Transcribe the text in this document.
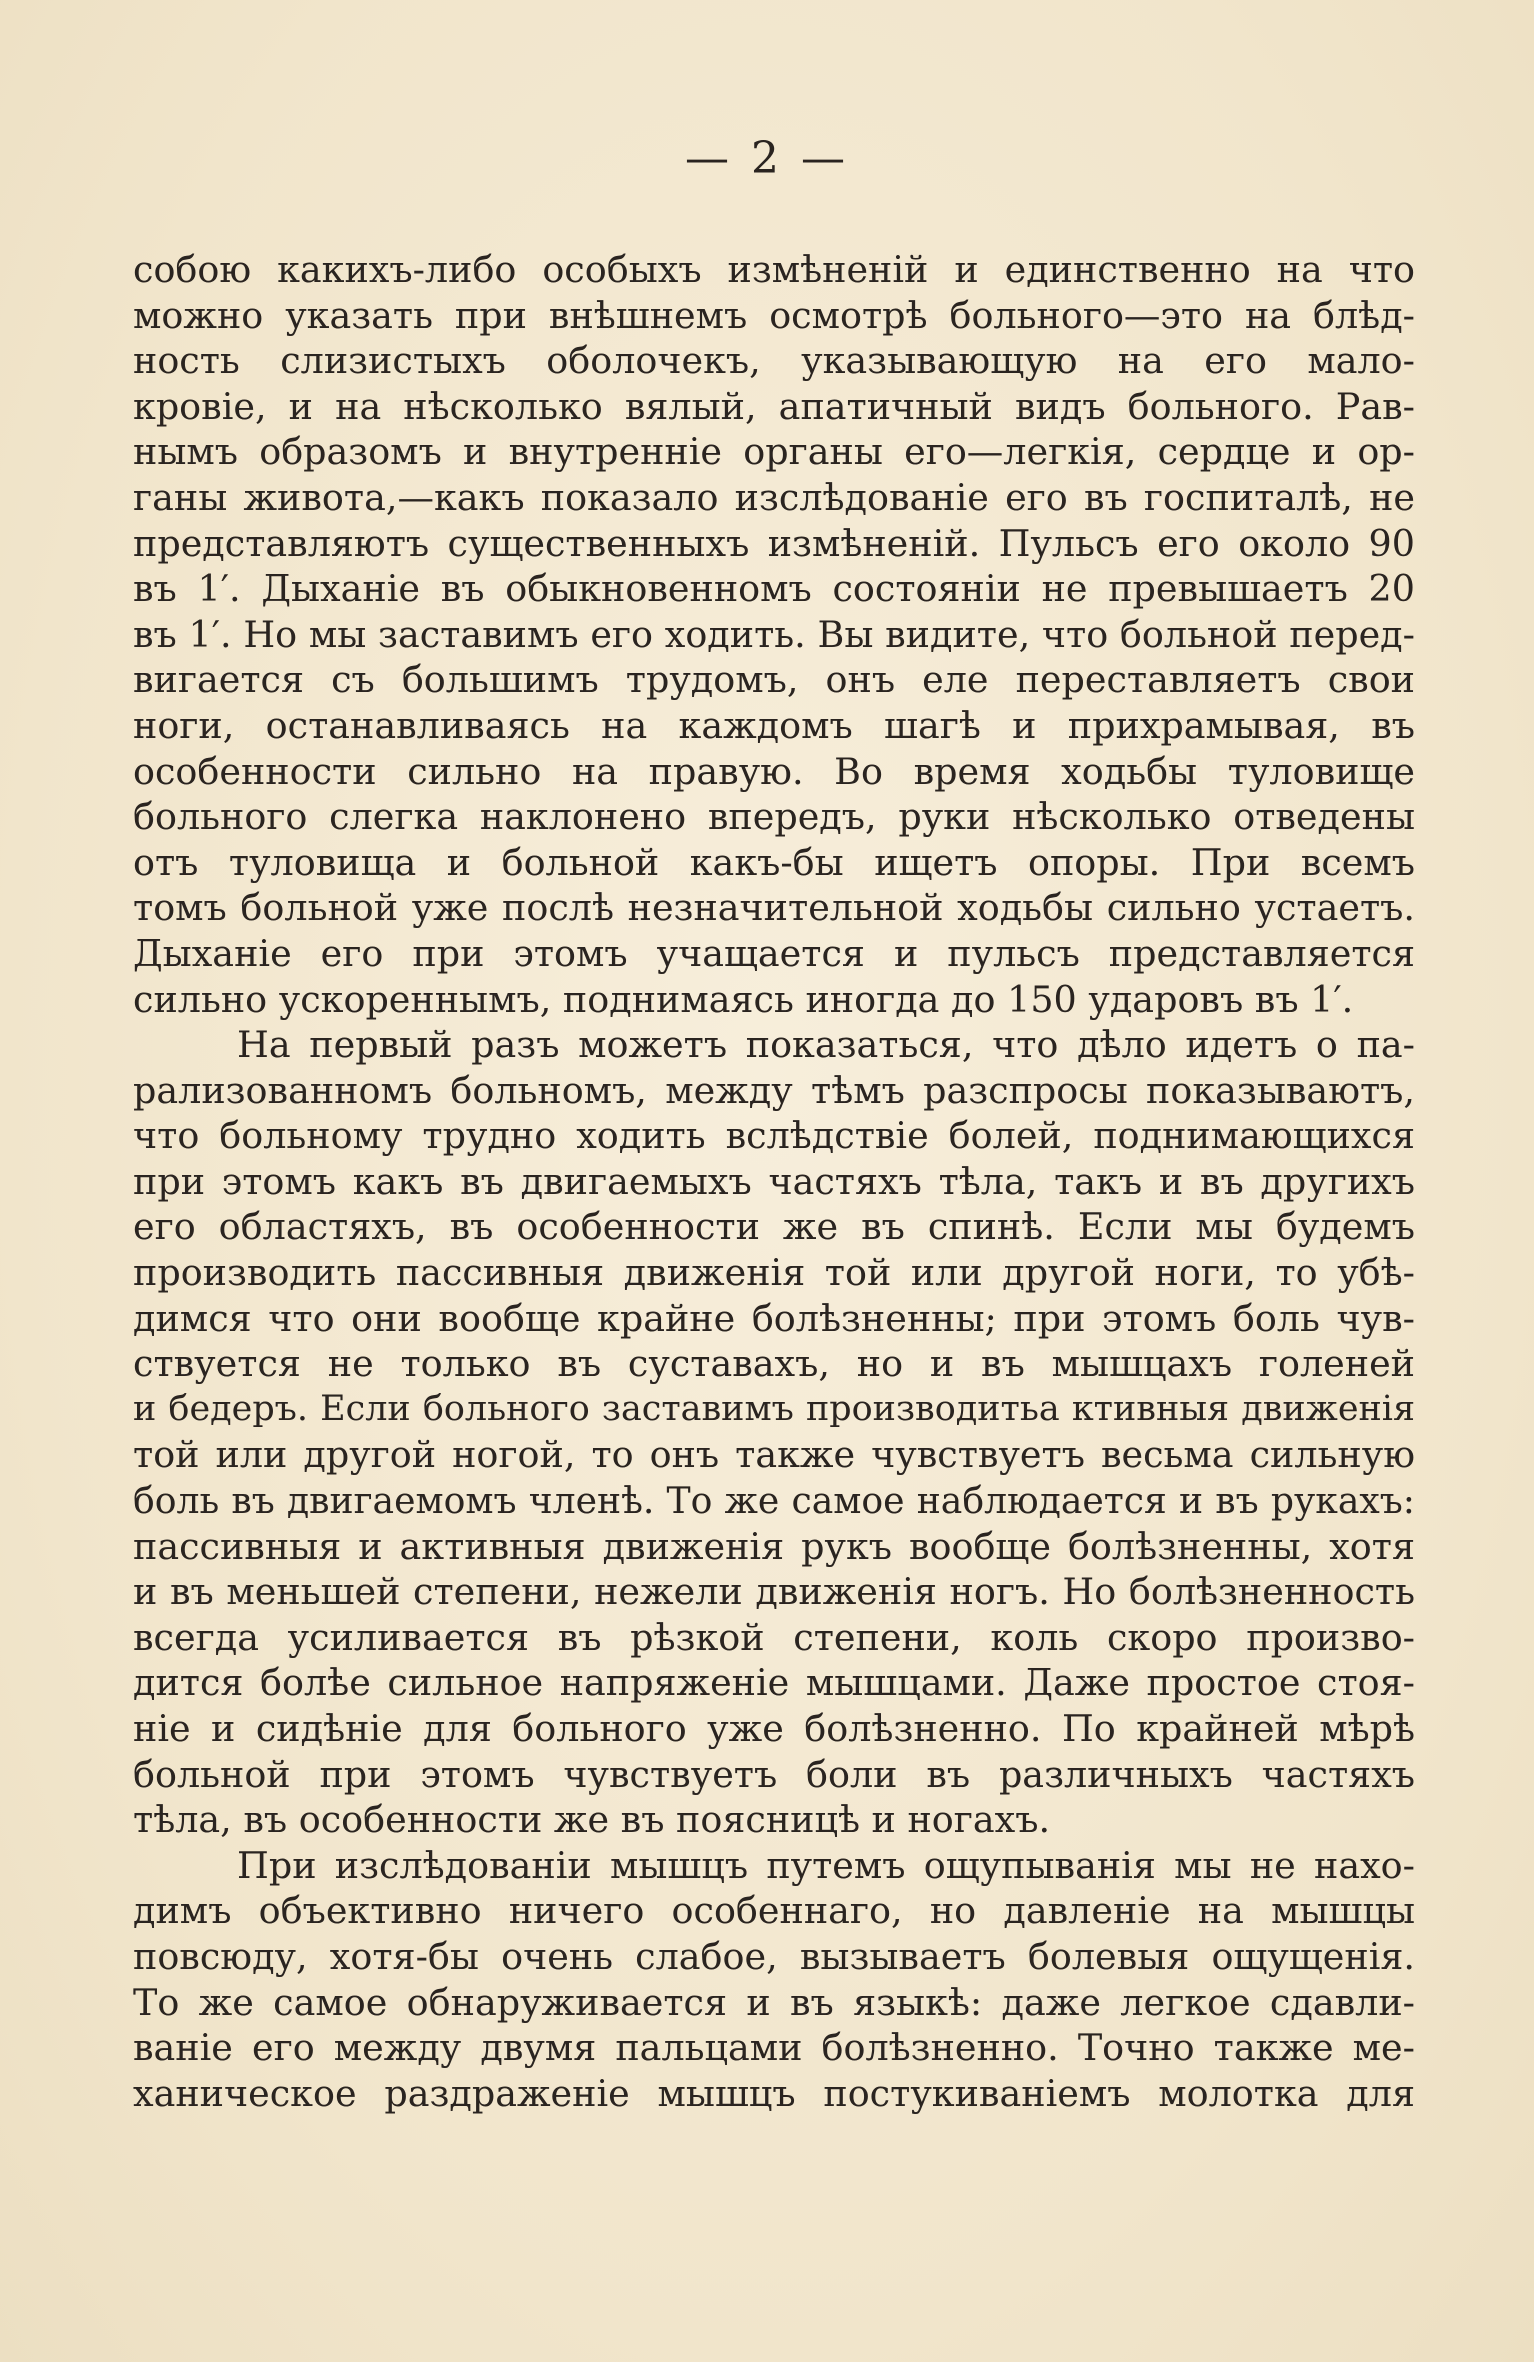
— 2 —
собою какихъ-либо особыхъ измѣненій и единственно на что
можно указать при внѣшнемъ осмотрѣ больного—это на блѣд-
ность слизистыхъ оболочекъ, указывающую на его мало-
кровіе, и на нѣсколько вялый, апатичный видъ больного. Рав-
нымъ образомъ и внутренніе органы его—легкія, сердце и ор-
ганы живота,—какъ показало изслѣдованіе его въ госпиталѣ, не
представляютъ существенныхъ измѣненій. Пульсъ его около 90
въ 1′. Дыханіе въ обыкновенномъ состояніи не превышаетъ 20
въ 1′. Но мы заставимъ его ходить. Вы видите, что больной перед-
вигается съ большимъ трудомъ, онъ еле переставляетъ свои
ноги, останавливаясь на каждомъ шагѣ и прихрамывая, въ
особенности сильно на правую. Во время ходьбы туловище
больного слегка наклонено впередъ, руки нѣсколько отведены
отъ туловища и больной какъ-бы ищетъ опоры. При всемъ
томъ больной уже послѣ незначительной ходьбы сильно устаетъ.
Дыханіе его при этомъ учащается и пульсъ представляется
сильно ускореннымъ, поднимаясь иногда до 150 ударовъ въ 1′.
На первый разъ можетъ показаться, что дѣло идетъ о па-
рализованномъ больномъ, между тѣмъ разспросы показываютъ,
что больному трудно ходить вслѣдствіе болей, поднимающихся
при этомъ какъ въ двигаемыхъ частяхъ тѣла, такъ и въ другихъ
его областяхъ, въ особенности же въ спинѣ. Если мы будемъ
производить пассивныя движенія той или другой ноги, то убѣ-
димся что они вообще крайне болѣзненны; при этомъ боль чув-
ствуется не только въ суставахъ, но и въ мышцахъ голеней
и бедеръ. Если больного заставимъ производитьа ктивныя движенія
той или другой ногой, то онъ также чувствуетъ весьма сильную
боль въ двигаемомъ членѣ. То же самое наблюдается и въ рукахъ:
пассивныя и активныя движенія рукъ вообще болѣзненны, хотя
и въ меньшей степени, нежели движенія ногъ. Но болѣзненность
всегда усиливается въ рѣзкой степени, коль скоро произво-
дится болѣе сильное напряженіе мышцами. Даже простое стоя-
ніе и сидѣніе для больного уже болѣзненно. По крайней мѣрѣ
больной при этомъ чувствуетъ боли въ различныхъ частяхъ
тѣла, въ особенности же въ поясницѣ и ногахъ.
При изслѣдованіи мышцъ путемъ ощупыванія мы не нахо-
димъ объективно ничего особеннаго, но давленіе на мышцы
повсюду, хотя-бы очень слабое, вызываетъ болевыя ощущенія.
То же самое обнаруживается и въ языкѣ: даже легкое сдавли-
ваніе его между двумя пальцами болѣзненно. Точно также ме-
ханическое раздраженіе мышцъ постукиваніемъ молотка для
